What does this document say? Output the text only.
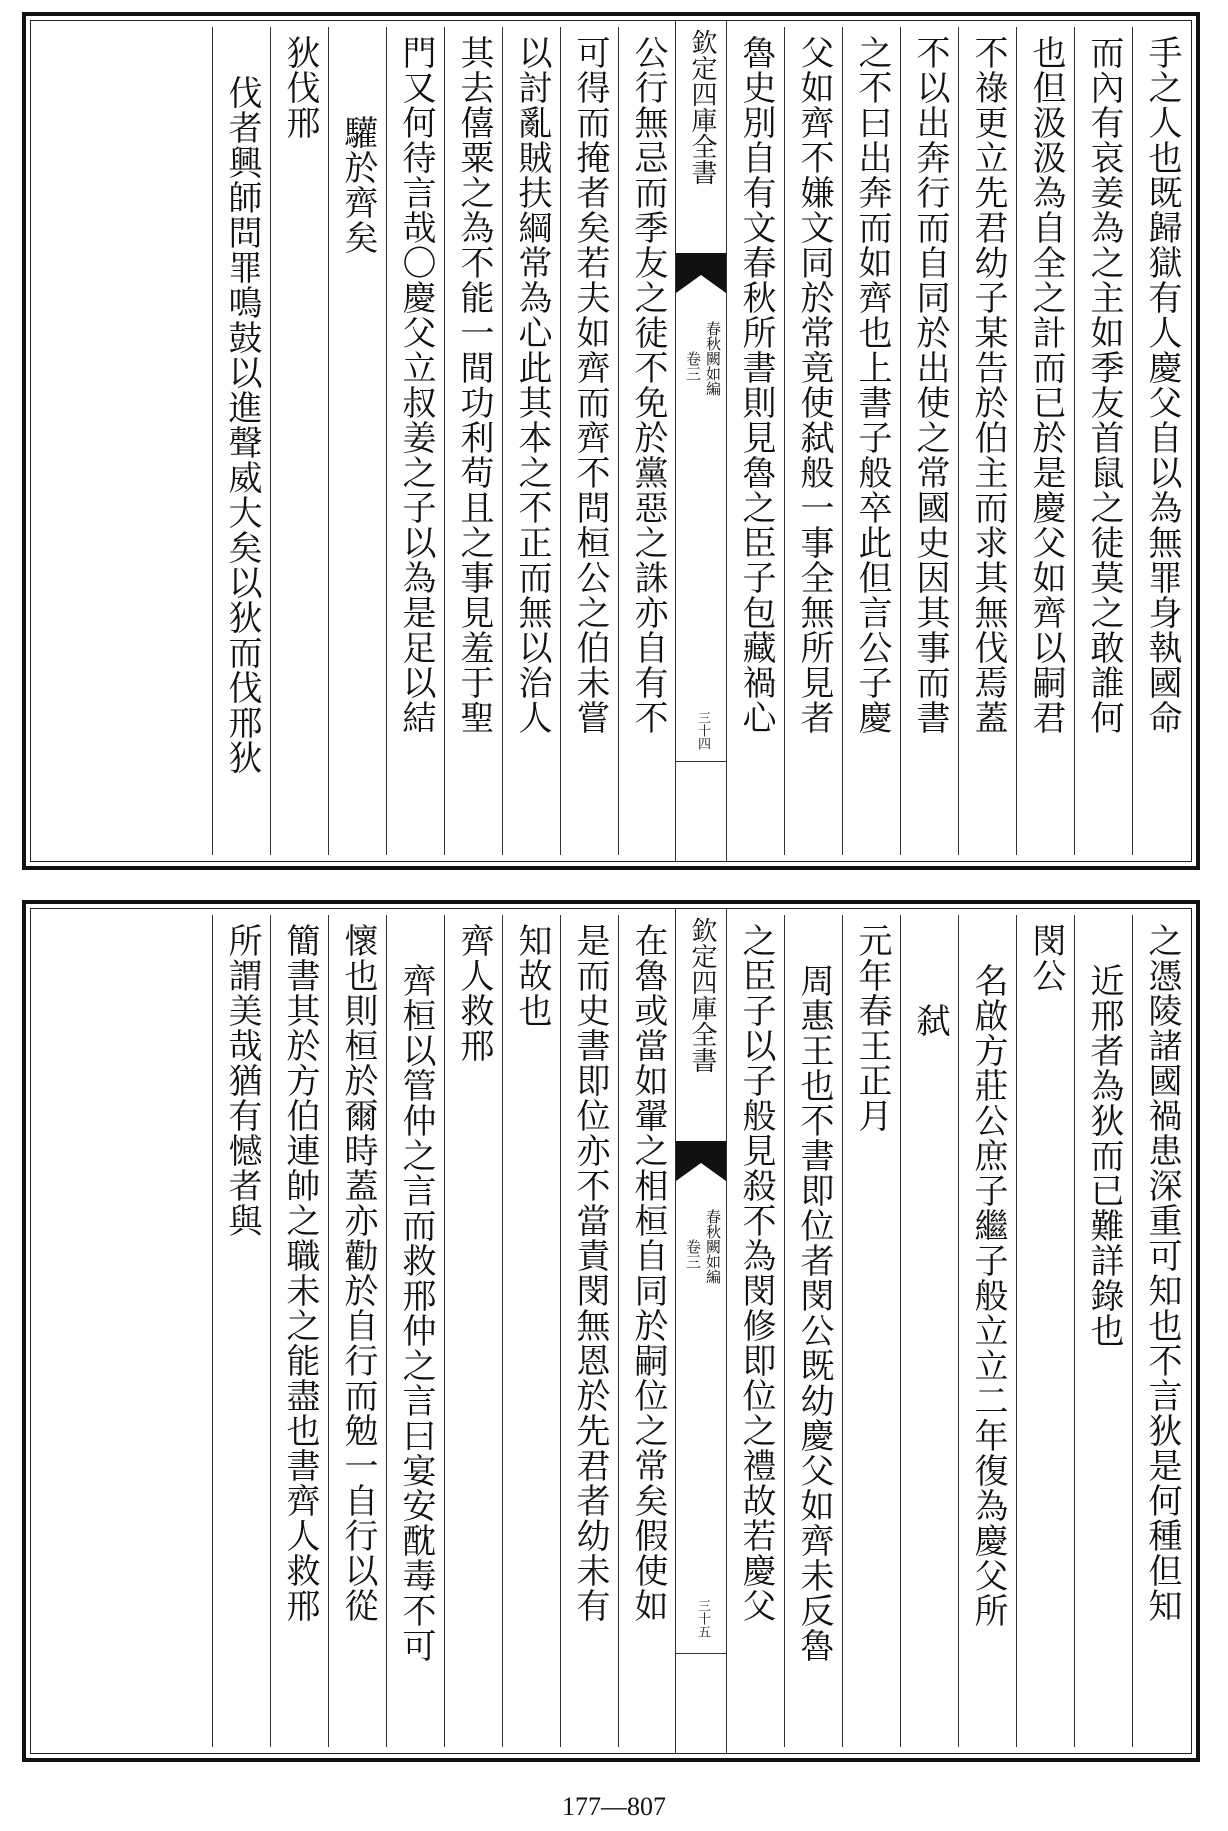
手之人也既歸獄有人慶父自以為無罪身執國命
而內有哀姜為之主如季友首鼠之徒莫之敢誰何
也但汲汲為自全之計而已於是慶父如齊以嗣君
不祿更立先君幼子某告於伯主而求其無伐焉蓋
不以出奔行而自同於出使之常國史因其事而書
之不曰出奔而如齊也上書子般卒此但言公子慶
父如齊不嫌文同於常竟使弑般一事全無所見者
魯史別自有文春秋所書則見魯之臣子包藏禍心
欽定四庫全書
春秋闕如編
卷三
三十四
公行無忌而季友之徒不免於黨惡之誅亦自有不
可得而掩者矣若夫如齊而齊不問桓公之伯未嘗
以討亂賊扶綱常為心此其本之不正而無以治人
其去僖粟之為不能一間功利苟且之事見羞于聖
門又何待言哉〇慶父立叔姜之子以為是足以結
驩於齊矣
狄伐邢
伐者興師問罪鳴鼓以進聲威大矣以狄而伐邢狄
之憑陵諸國禍患深重可知也不言狄是何種但知
近邢者為狄而已難詳錄也
閔公
名啟方莊公庶子繼子般立立二年復為慶父所
弑
元年春王正月
周惠王也不書即位者閔公既幼慶父如齊未反魯
之臣子以子般見殺不為閔修即位之禮故若慶父
欽定四庫全書
春秋闕如編
卷三
三十五
在魯或當如翬之相桓自同於嗣位之常矣假使如
是而史書即位亦不當責閔無恩於先君者幼未有
知故也
齊人救邢
齊桓以管仲之言而救邢仲之言曰宴安酖毒不可
懷也則桓於爾時蓋亦勸於自行而勉一自行以從
簡書其於方伯連帥之職未之能盡也書齊人救邢
所謂美哉猶有憾者與
177—807
